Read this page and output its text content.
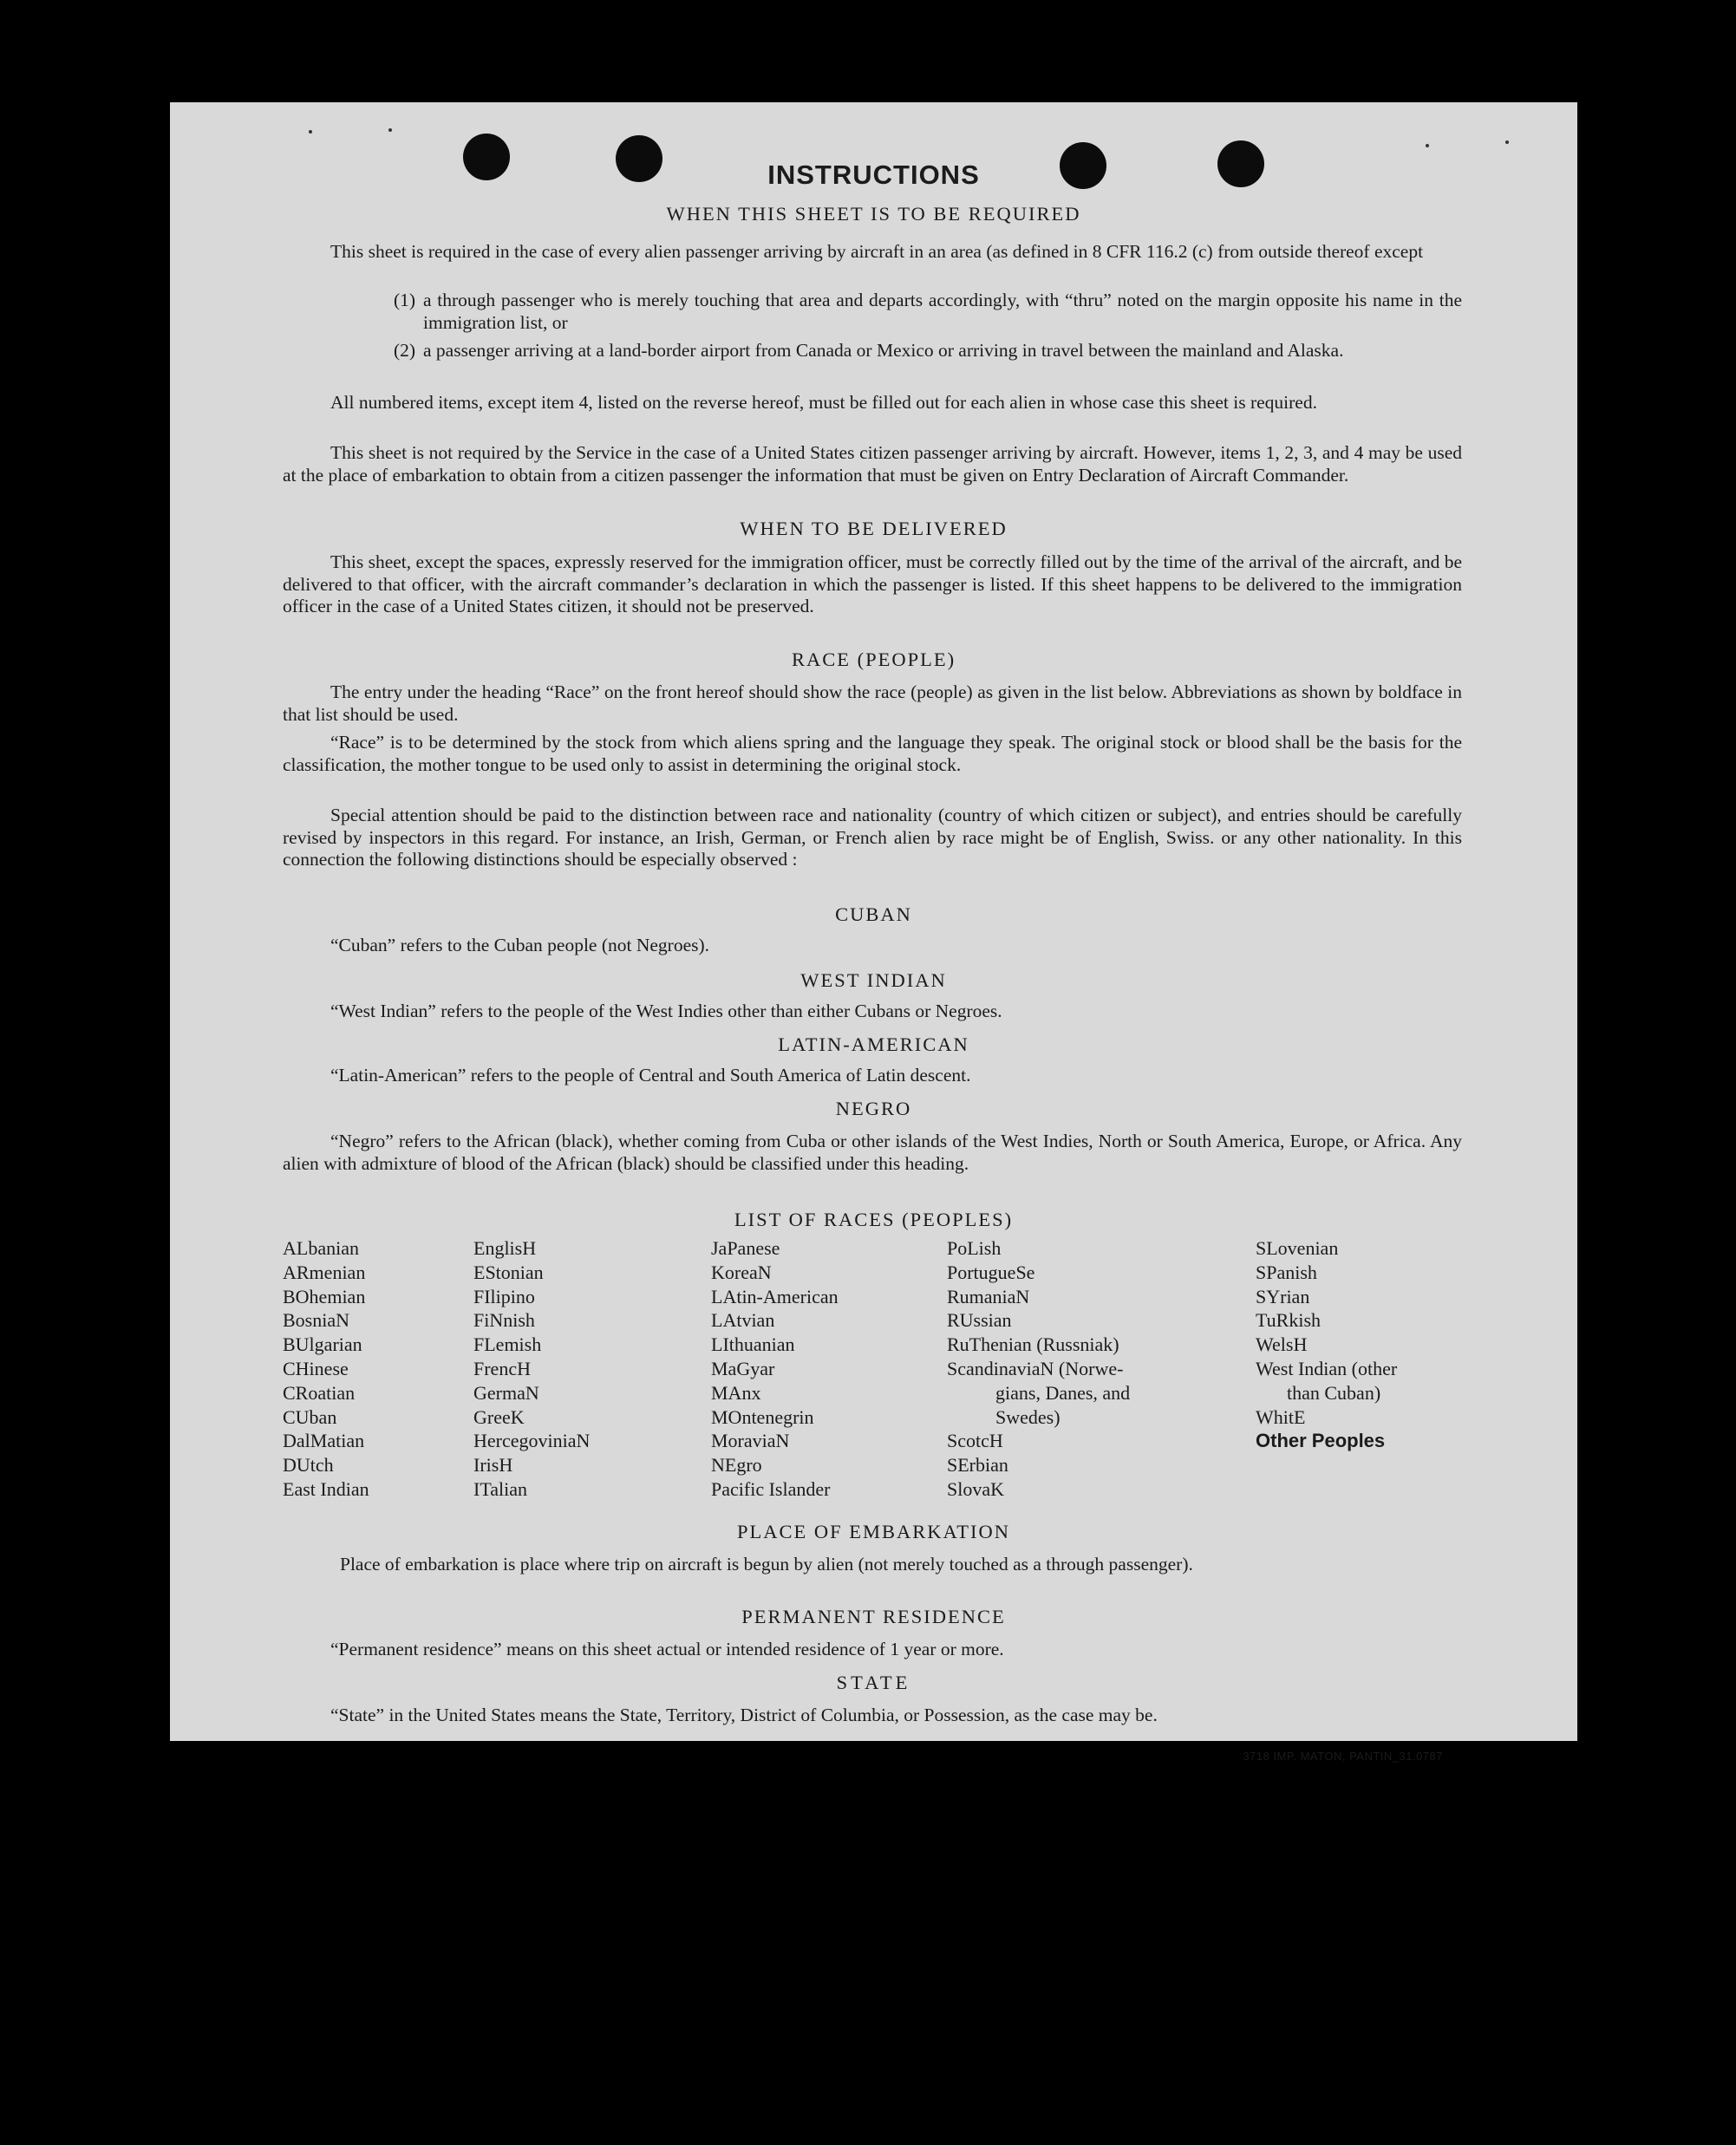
INSTRUCTIONS
WHEN THIS SHEET IS TO BE REQUIRED
This sheet is required in the case of every alien passenger arriving by aircraft in an area (as defined in 8 CFR 116.2 (c) from outside thereof except
(1) a through passenger who is merely touching that area and departs accordingly, with “thru” noted on the margin opposite his name in the immigration list, or
(2) a passenger arriving at a land-border airport from Canada or Mexico or arriving in travel between the mainland and Alaska.
All numbered items, except item 4, listed on the reverse hereof, must be filled out for each alien in whose case this sheet is required.
This sheet is not required by the Service in the case of a United States citizen passenger arriving by aircraft. However, items 1, 2, 3, and 4 may be used at the place of embarkation to obtain from a citizen passenger the information that must be given on Entry Declaration of Aircraft Commander.
WHEN TO BE DELIVERED
This sheet, except the spaces, expressly reserved for the immigration officer, must be correctly filled out by the time of the arrival of the aircraft, and be delivered to that officer, with the aircraft commander’s declaration in which the passenger is listed. If this sheet happens to be delivered to the immigration officer in the case of a United States citizen, it should not be preserved.
RACE (PEOPLE)
The entry under the heading “Race” on the front hereof should show the race (people) as given in the list below. Abbreviations as shown by boldface in that list should be used.
“Race” is to be determined by the stock from which aliens spring and the language they speak. The original stock or blood shall be the basis for the classification, the mother tongue to be used only to assist in determining the original stock.
Special attention should be paid to the distinction between race and nationality (country of which citizen or subject), and entries should be carefully revised by inspectors in this regard. For instance, an Irish, German, or French alien by race might be of English, Swiss. or any other nationality. In this connection the following distinctions should be especially observed :
CUBAN
“Cuban” refers to the Cuban people (not Negroes).
WEST INDIAN
“West Indian” refers to the people of the West Indies other than either Cubans or Negroes.
LATIN-AMERICAN
“Latin-American” refers to the people of Central and South America of Latin descent.
NEGRO
“Negro” refers to the African (black), whether coming from Cuba or other islands of the West Indies, North or South America, Europe, or Africa. Any alien with admixture of blood of the African (black) should be classified under this heading.
LIST OF RACES (PEOPLES)
ALbanian
ARmenian
BOhemian
BosniaN
BUlgarian
CHinese
CRoatian
CUban
DalMatian
DUtch
East Indian
EnglisH
EStonian
FIlipino
FiNnish
FLemish
FrencH
GermaN
GreeK
HercegoviniaN
IrisH
ITalian
JaPanese
KoreaN
LAtin-American
LAtvian
LIthuanian
MaGyar
MAnx
MOntenegrin
MoraviaN
NEgro
Pacific Islander
PoLish
PortugueSe
RumaniaN
RUssian
RuThenian (Russniak)
ScandinaviaN (Norwe-
gians, Danes, and
Swedes)
ScotcH
SErbian
SlovaK
SLovenian
SPanish
SYrian
TuRkish
WelsH
West Indian (other
than Cuban)
WhitE
Other Peoples
PLACE OF EMBARKATION
Place of embarkation is place where trip on aircraft is begun by alien (not merely touched as a through passenger).
PERMANENT RESIDENCE
“Permanent residence” means on this sheet actual or intended residence of 1 year or more.
STATE
“State” in the United States means the State, Territory, District of Columbia, or Possession, as the case may be.
3718 IMP. MATON, PANTIN_31.0787
